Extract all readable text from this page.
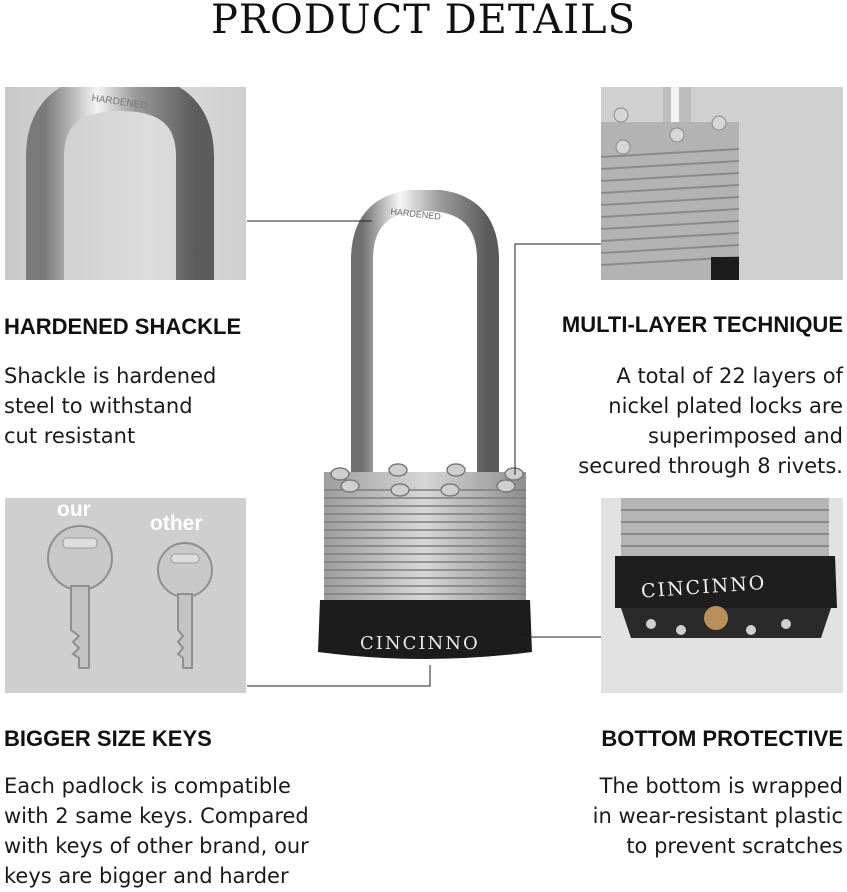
PRODUCT DETAILS
HARDENED
our
other
CINCINNO
HARDENED
CINCINNO
HARDENED SHACKLE
Shackle is hardened
steel to withstand
cut resistant
MULTI-LAYER TECHNIQUE
A total of 22 layers of
nickel plated locks are
superimposed and
secured through 8 rivets.
BIGGER SIZE KEYS
Each padlock is compatible
with 2 same keys. Compared
with keys of other brand, our
keys are bigger and harder
BOTTOM PROTECTIVE
The bottom is wrapped
in wear-resistant plastic
to prevent scratches
